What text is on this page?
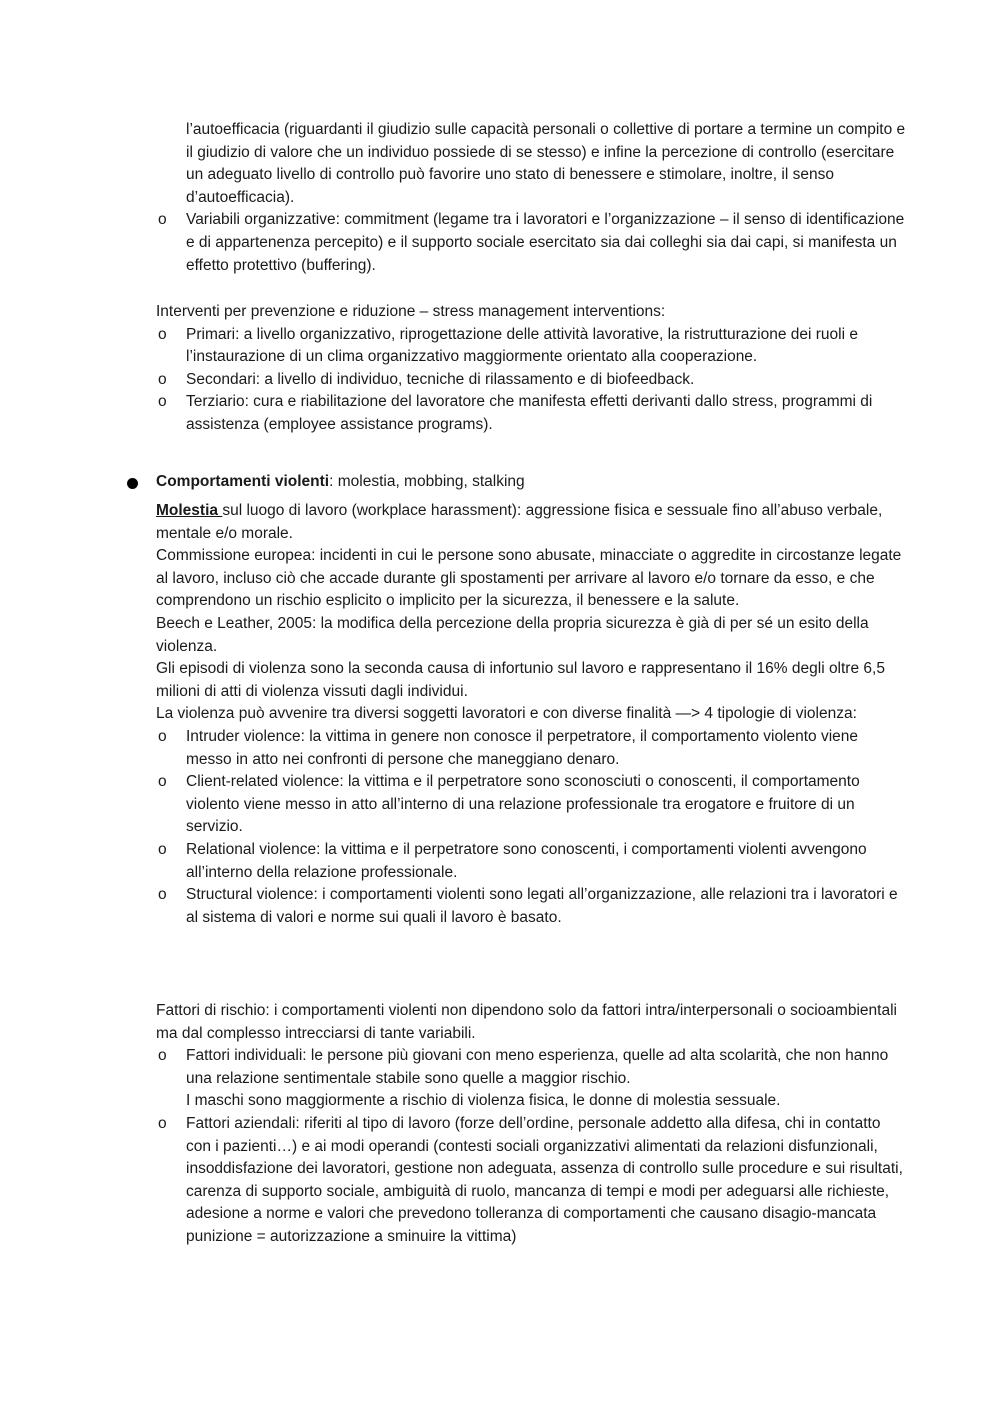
l’autoefficacia (riguardanti il giudizio sulle capacità personali o collettive di portare a termine un compito e il giudizio di valore che un individuo possiede di se stesso) e infine la percezione di controllo (esercitare un adeguato livello di controllo può favorire uno stato di benessere e stimolare, inoltre, il senso d’autoefficacia).

o Variabili organizzative: commitment (legame tra i lavoratori e l’organizzazione – il senso di identificazione e di appartenenza percepito) e il supporto sociale esercitato sia dai colleghi sia dai capi, si manifesta un effetto protettivo (buffering).

Interventi per prevenzione e riduzione – stress management interventions:

o Primari: a livello organizzativo, riprogettazione delle attività lavorative, la ristrutturazione dei ruoli e l’instaurazione di un clima organizzativo maggiormente orientato alla cooperazione.
o Secondari: a livello di individuo, tecniche di rilassamento e di biofeedback.
o Terziario: cura e riabilitazione del lavoratore che manifesta effetti derivanti dallo stress, programmi di assistenza (employee assistance programs).

Comportamenti violenti: molestia, mobbing, stalking

Molestia sul luogo di lavoro (workplace harassment): aggressione fisica e sessuale fino all’abuso verbale, mentale e/o morale.

Commissione europea: incidenti in cui le persone sono abusate, minacciate o aggredite in circostanze legate al lavoro, incluso ciò che accade durante gli spostamenti per arrivare al lavoro e/o tornare da esso, e che comprendono un rischio esplicito o implicito per la sicurezza, il benessere e la salute.

Beech e Leather, 2005: la modifica della percezione della propria sicurezza è già di per sé un esito della violenza.

Gli episodi di violenza sono la seconda causa di infortunio sul lavoro e rappresentano il 16% degli oltre 6,5 milioni di atti di violenza vissuti dagli individui.

La violenza può avvenire tra diversi soggetti lavoratori e con diverse finalità —> 4 tipologie di violenza:

o Intruder violence: la vittima in genere non conosce il perpetratore, il comportamento violento viene messo in atto nei confronti di persone che maneggiano denaro.
o Client-related violence: la vittima e il perpetratore sono sconosciuti o conoscenti, il comportamento violento viene messo in atto all’interno di una relazione professionale tra erogatore e fruitore di un servizio.
o Relational violence: la vittima e il perpetratore sono conoscenti, i comportamenti violenti avvengono all’interno della relazione professionale.
o Structural violence: i comportamenti violenti sono legati all’organizzazione, alle relazioni tra i lavoratori e al sistema di valori e norme sui quali il lavoro è basato.

Fattori di rischio: i comportamenti violenti non dipendono solo da fattori intra/interpersonali o socioambientali ma dal complesso intrecciarsi di tante variabili.

o Fattori individuali: le persone più giovani con meno esperienza, quelle ad alta scolarità, che non hanno una relazione sentimentale stabile sono quelle a maggior rischio.
I maschi sono maggiormente a rischio di violenza fisica, le donne di molestia sessuale.
o Fattori aziendali: riferiti al tipo di lavoro (forze dell’ordine, personale addetto alla difesa, chi in contatto con i pazienti…) e ai modi operandi (contesti sociali organizzativi alimentati da relazioni disfunzionali, insoddisfazione dei lavoratori, gestione non adeguata, assenza di controllo sulle procedure e sui risultati, carenza di supporto sociale, ambiguità di ruolo, mancanza di tempi e modi per adeguarsi alle richieste, adesione a norme e valori che prevedono tolleranza di comportamenti che causano disagio-mancata punizione = autorizzazione a sminuire la vittima)
